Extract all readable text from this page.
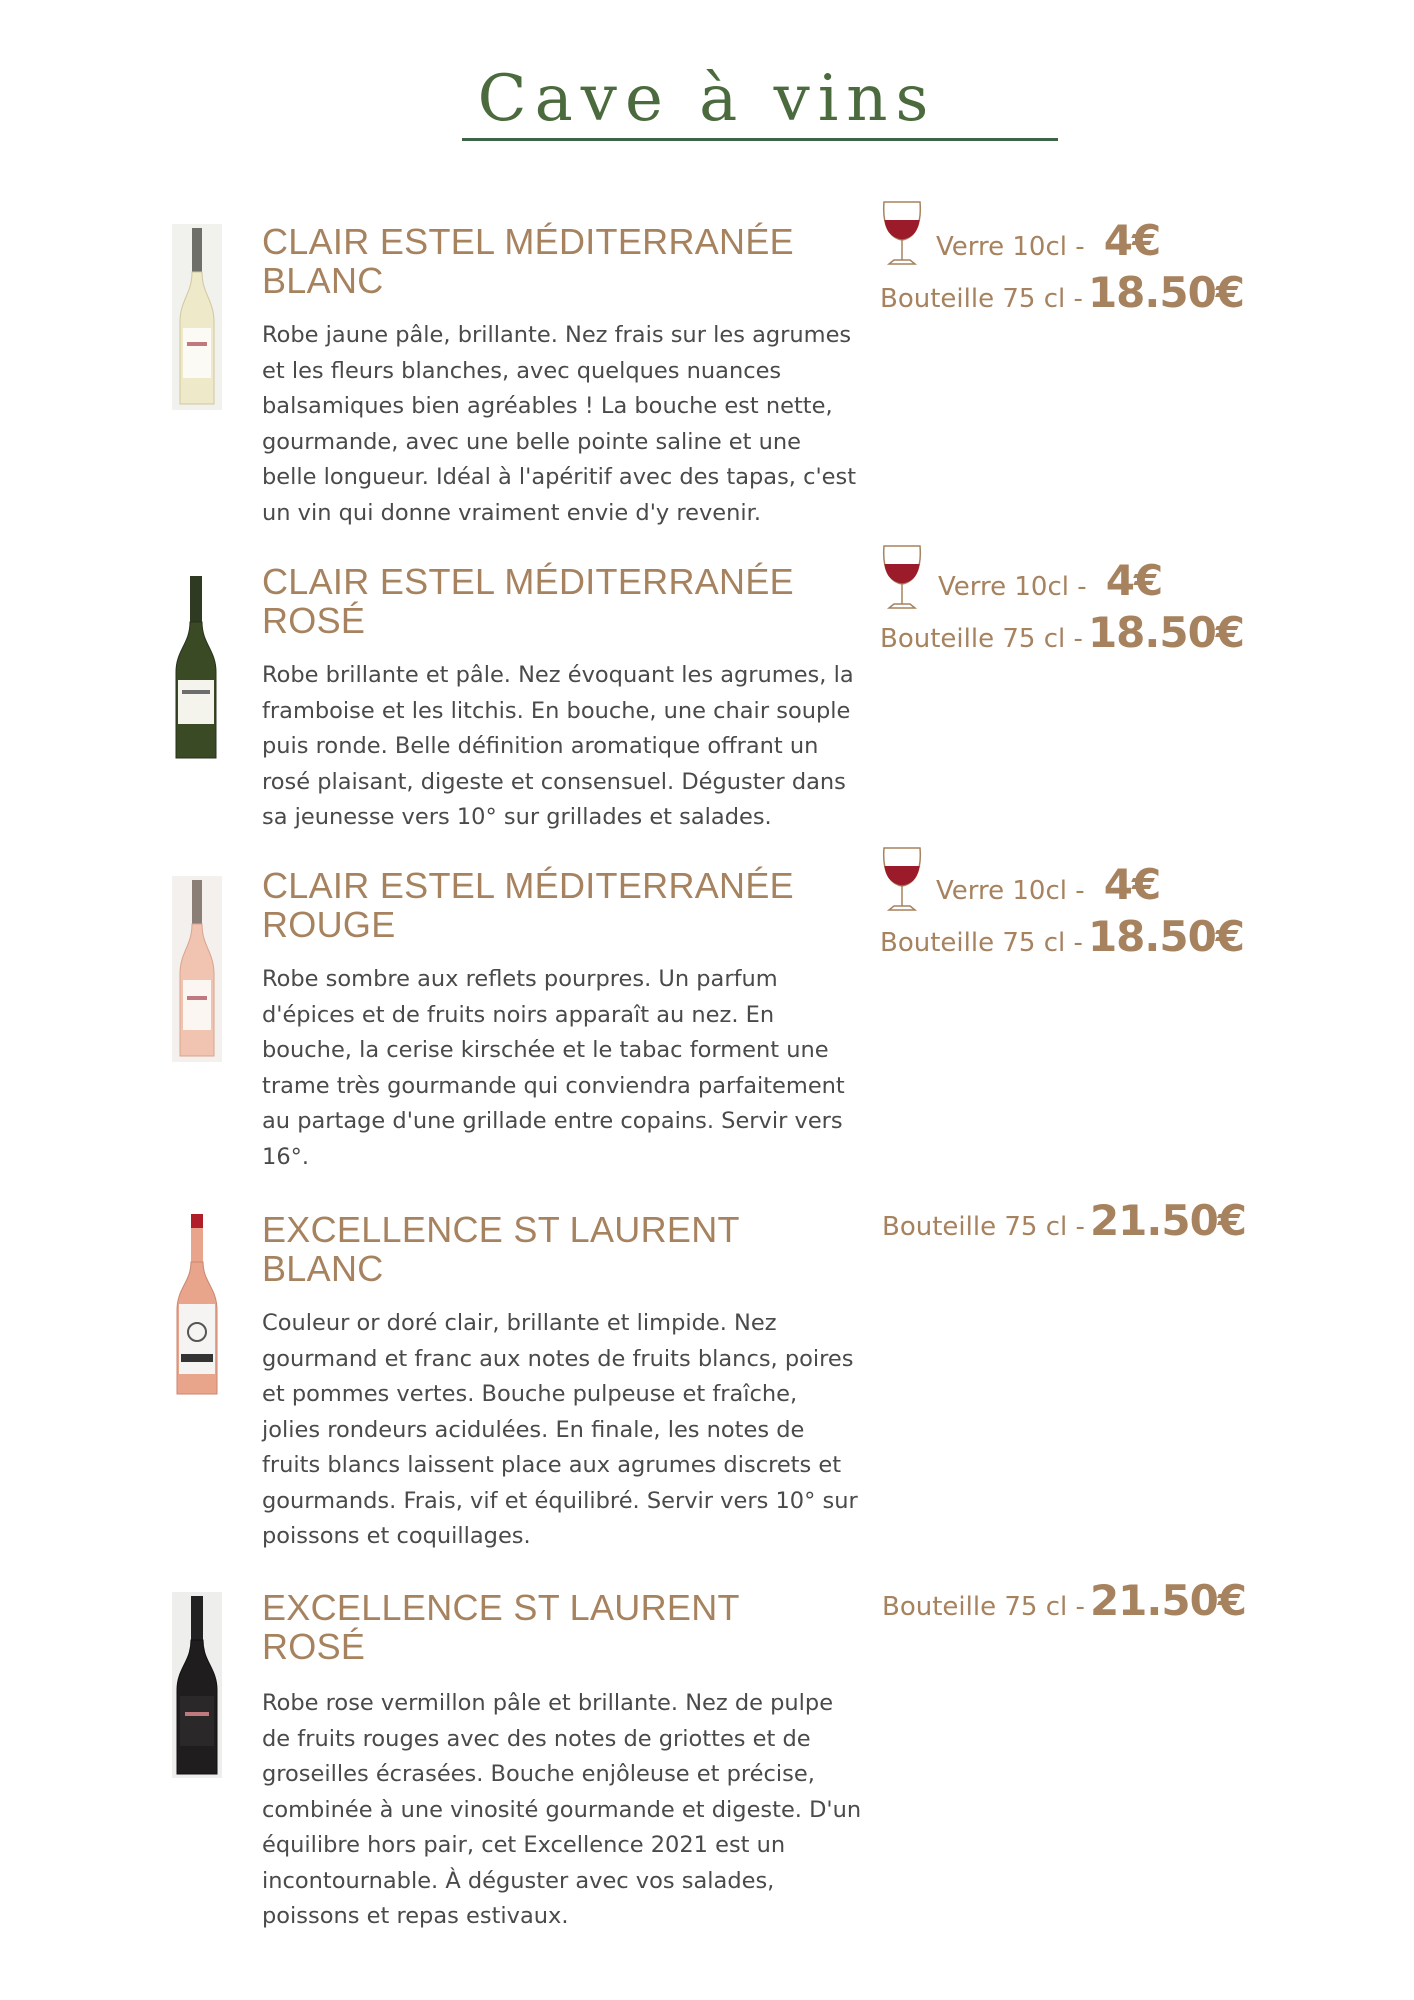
Cave à vins
CLAIR ESTEL MÉDITERRANÉE
BLANC

Robe jaune pâle, brillante. Nez frais sur les agrumes et les fleurs blanches, avec quelques nuances balsamiques bien agréables ! La bouche est nette, gourmande, avec une belle pointe saline et une belle longueur. Idéal à l'apéritif avec des tapas, c'est un vin qui donne vraiment envie d'y revenir.

Verre 10cl - 4€
Bouteille 75 cl - 18.50€
CLAIR ESTEL MÉDITERRANÉE
ROSÉ

Robe brillante et pâle. Nez évoquant les agrumes, la framboise et les litchis. En bouche, une chair souple puis ronde. Belle définition aromatique offrant un rosé plaisant, digeste et consensuel. Déguster dans sa jeunesse vers 10° sur grillades et salades.

Verre 10cl - 4€
Bouteille 75 cl - 18.50€
CLAIR ESTEL MÉDITERRANÉE
ROUGE

Robe sombre aux reflets pourpres. Un parfum d'épices et de fruits noirs apparaît au nez. En bouche, la cerise kirschée et le tabac forment une trame très gourmande qui conviendra parfaitement au partage d'une grillade entre copains. Servir vers 16°.

Verre 10cl - 4€
Bouteille 75 cl - 18.50€
EXCELLENCE ST LAURENT
BLANC

Couleur or doré clair, brillante et limpide. Nez gourmand et franc aux notes de fruits blancs, poires et pommes vertes. Bouche pulpeuse et fraîche, jolies rondeurs acidulées. En finale, les notes de fruits blancs laissent place aux agrumes discrets et gourmands. Frais, vif et équilibré. Servir vers 10° sur poissons et coquillages.

Bouteille 75 cl - 21.50€
EXCELLENCE ST LAURENT
ROSÉ

Robe rose vermillon pâle et brillante. Nez de pulpe de fruits rouges avec des notes de griottes et de groseilles écrasées. Bouche enjôleuse et précise, combinée à une vinosité gourmande et digeste. D'un équilibre hors pair, cet Excellence 2021 est un incontournable. À déguster avec vos salades, poissons et repas estivaux.

Bouteille 75 cl - 21.50€
